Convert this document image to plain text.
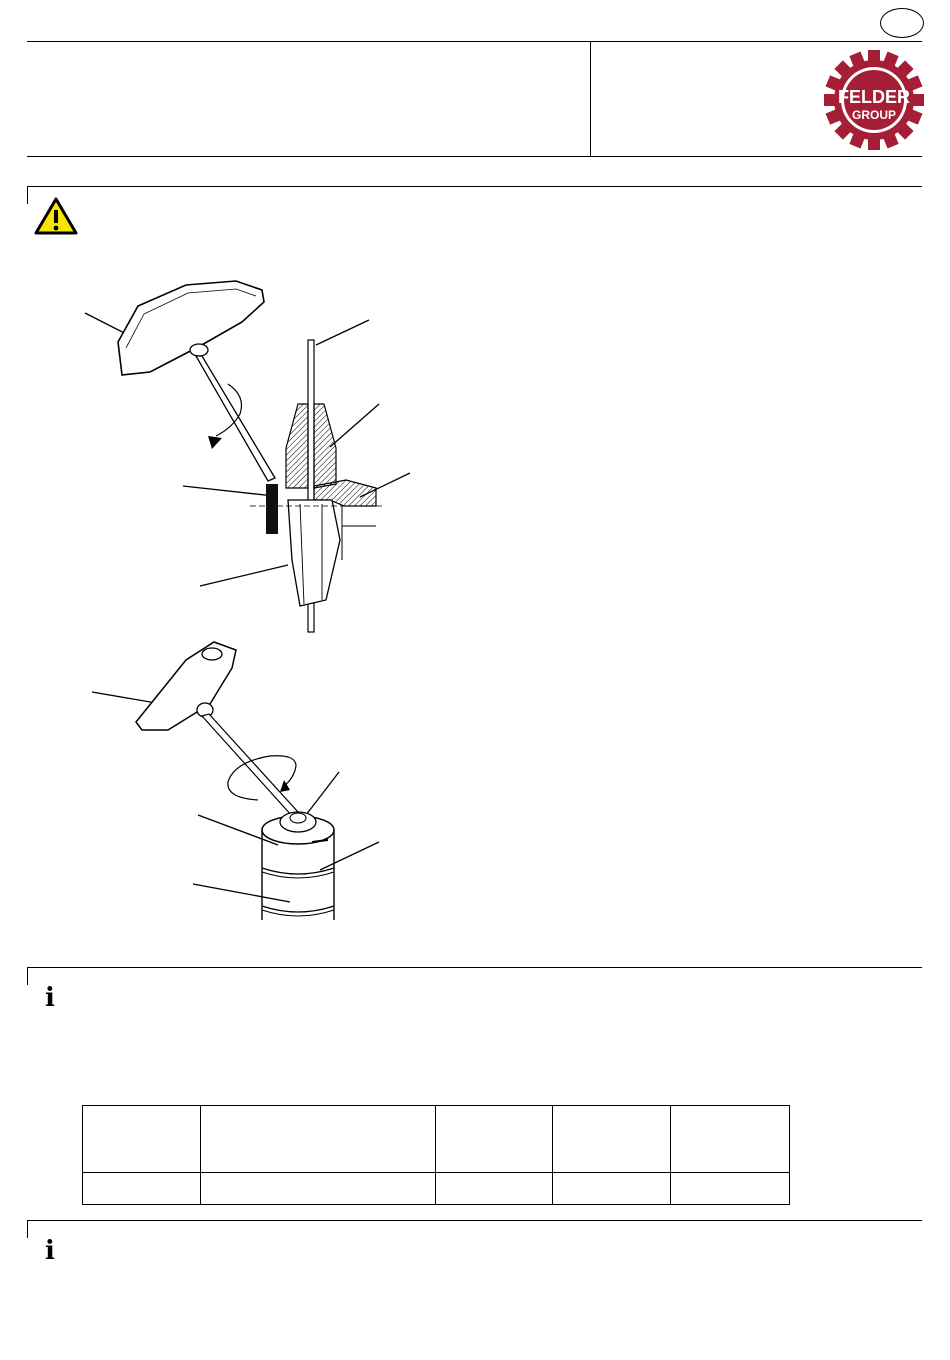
FELDER
GROUP
i

i
